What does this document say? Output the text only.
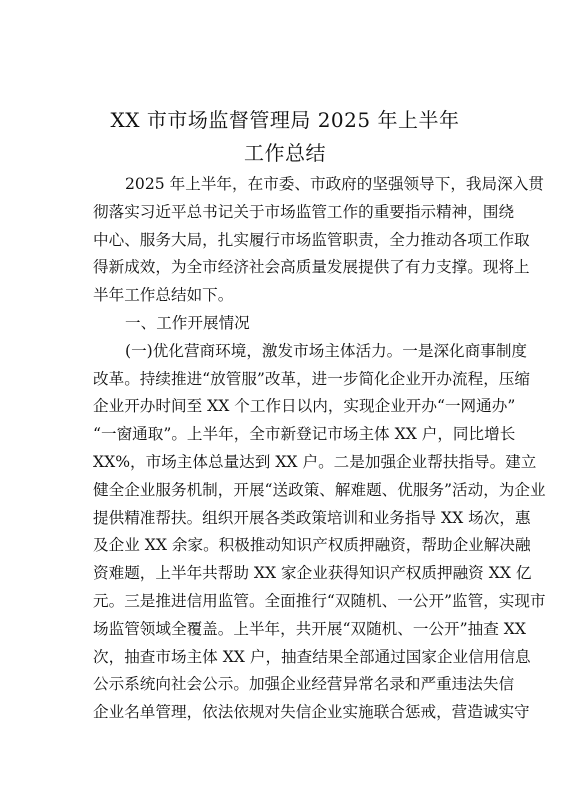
XX 市市场监督管理局 2025 年上半年
工作总结
2025 年上半年，在市委、市政府的坚强领导下，我局深入贯
彻落实习近平总书记关于市场监管工作的重要指示精神，围绕
中心、服务大局，扎实履行市场监管职责，全力推动各项工作取
得新成效，为全市经济社会高质量发展提供了有力支撑。现将上
半年工作总结如下。
一、工作开展情况
(一)优化营商环境，激发市场主体活力。一是深化商事制度
改革。持续推进“放管服”改革，进一步简化企业开办流程，压缩
企业开办时间至 XX 个工作日以内，实现企业开办“一网通办”
“一窗通取”。上半年，全市新登记市场主体 XX 户，同比增长
XX%，市场主体总量达到 XX 户。二是加强企业帮扶指导。建立
健全企业服务机制，开展“送政策、解难题、优服务”活动，为企业
提供精准帮扶。组织开展各类政策培训和业务指导 XX 场次，惠
及企业 XX 余家。积极推动知识产权质押融资，帮助企业解决融
资难题，上半年共帮助 XX 家企业获得知识产权质押融资 XX 亿
元。三是推进信用监管。全面推行“双随机、一公开”监管，实现市
场监管领域全覆盖。上半年，共开展“双随机、一公开”抽查 XX
次，抽查市场主体 XX 户，抽查结果全部通过国家企业信用信息
公示系统向社会公示。加强企业经营异常名录和严重违法失信
企业名单管理，依法依规对失信企业实施联合惩戒，营造诚实守
